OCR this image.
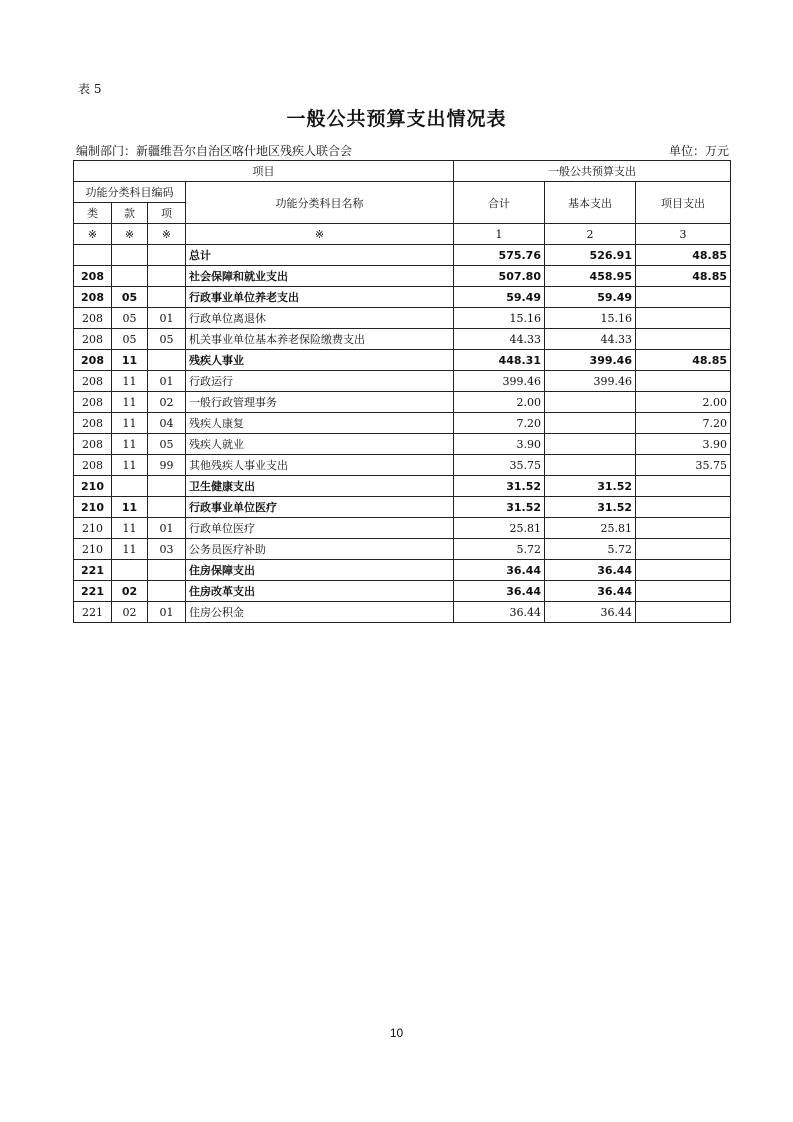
表 5
一般公共预算支出情况表
编制部门：新疆维吾尔自治区喀什地区残疾人联合会	单位：万元
项目				一般公共预算支出		
功能分类科目编码			功能分类科目名称	合计	基本支出	项目支出
类	款	项				
※	※	※	※	1	2	3
			总计	575.76	526.91	48.85
208			社会保障和就业支出	507.80	458.95	48.85
208	05		行政事业单位养老支出	59.49	59.49	
208	05	01	行政单位离退休	15.16	15.16	
208	05	05	机关事业单位基本养老保险缴费支出	44.33	44.33	
208	11		残疾人事业	448.31	399.46	48.85
208	11	01	行政运行	399.46	399.46	
208	11	02	一般行政管理事务	2.00		2.00
208	11	04	残疾人康复	7.20		7.20
208	11	05	残疾人就业	3.90		3.90
208	11	99	其他残疾人事业支出	35.75		35.75
210			卫生健康支出	31.52	31.52	
210	11		行政事业单位医疗	31.52	31.52	
210	11	01	行政单位医疗	25.81	25.81	
210	11	03	公务员医疗补助	5.72	5.72	
221			住房保障支出	36.44	36.44	
221	02		住房改革支出	36.44	36.44	
221	02	01	住房公积金	36.44	36.44	
10
